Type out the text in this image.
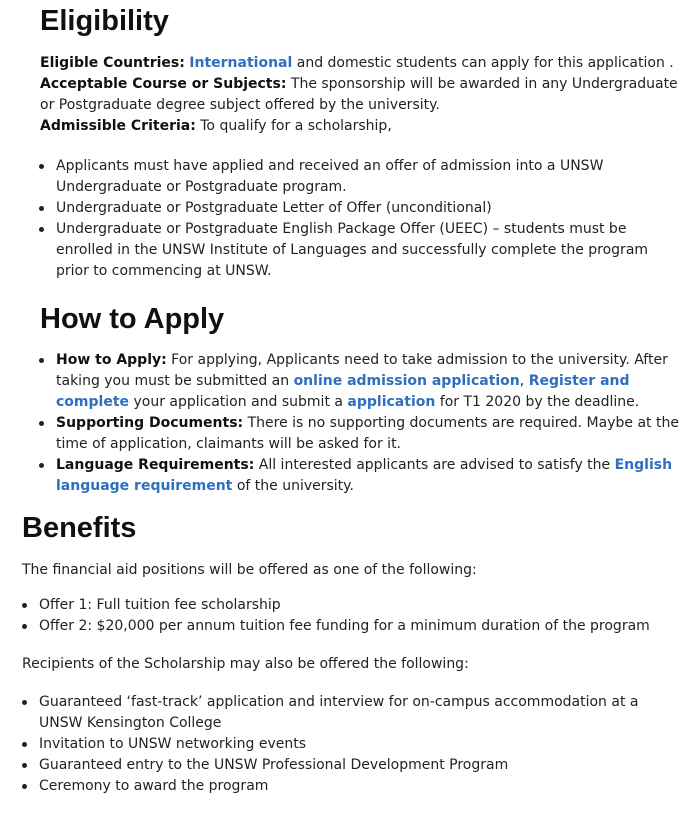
Eligibility

Eligible Countries: International and domestic students can apply for this application .

Acceptable Course or Subjects: The sponsorship will be awarded in any Undergraduate or Postgraduate degree subject offered by the university.

Admissible Criteria: To qualify for a scholarship,

Applicants must have applied and received an offer of admission into a UNSW Undergraduate or Postgraduate program.
Undergraduate or Postgraduate Letter of Offer (unconditional)
Undergraduate or Postgraduate English Package Offer (UEEC) – students must be enrolled in the UNSW Institute of Languages and successfully complete the program prior to commencing at UNSW.
How to Apply
How to Apply: For applying, Applicants need to take admission to the university. After taking you must be submitted an online admission application, Register and complete your application and submit a application for T1 2020 by the deadline.
Supporting Documents: There is no supporting documents are required. Maybe at the time of application, claimants will be asked for it.
Language Requirements: All interested applicants are advised to satisfy the English language requirement of the university.
Benefits

The financial aid positions will be offered as one of the following:

Offer 1: Full tuition fee scholarship
Offer 2: $20,000 per annum tuition fee funding for a minimum duration of the program

Recipients of the Scholarship may also be offered the following:

Guaranteed ‘fast-track’ application and interview for on-campus accommodation at a UNSW Kensington College
Invitation to UNSW networking events
Guaranteed entry to the UNSW Professional Development Program
Ceremony to award the program
